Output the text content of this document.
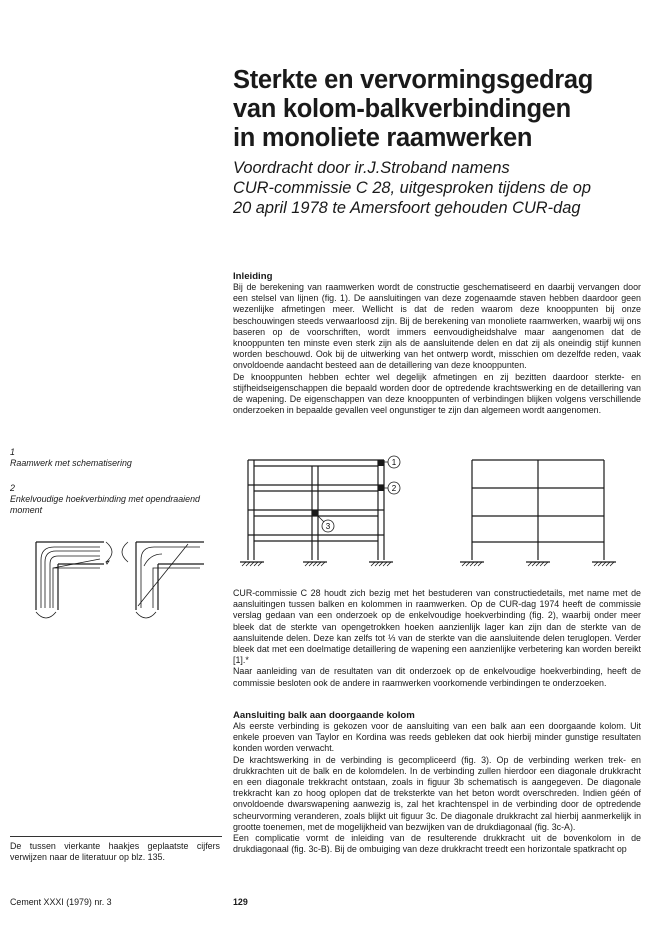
Sterkte en vervormingsgedrag
van kolom-balkverbindingen
in monoliete raamwerken
Voordracht door ir.J.Stroband namens
CUR-commissie C 28, uitgesproken tijdens de op
20 april 1978 te Amersfoort gehouden CUR-dag
Inleiding

Bij de berekening van raamwerken wordt de constructie geschematiseerd en daarbij vervangen door een stelsel van lijnen (fig. 1). De aansluitingen van deze zogenaamde staven hebben daardoor geen wezenlijke afmetingen meer. Wellicht is dat de reden waarom deze knooppunten bij onze beschouwingen steeds verwaarloosd zijn. Bij de berekening van monoliete raamwerken, waarbij wij ons baseren op de voorschriften, wordt immers eenvoudigheidshalve maar aangenomen dat de knooppunten ten minste even sterk zijn als de aansluitende delen en dat zij als oneindig stijf kunnen worden beschouwd. Ook bij de uitwerking van het ontwerp wordt, misschien om dezelfde reden, vaak onvoldoende aandacht besteed aan de detaillering van deze knooppunten.

De knooppunten hebben echter wel degelijk afmetingen en zij bezitten daardoor sterkte- en stijfheidseigenschappen die bepaald worden door de optredende krachtswerking en de detaillering van de wapening. De eigenschappen van deze knooppunten of verbindingen blijken volgens verschillende onderzoeken in bepaalde gevallen veel ongunstiger te zijn dan algemeen wordt aangenomen.

1
Raamwerk met schematisering
2
Enkelvoudige hoekverbinding met opendraaiend moment
1
2
3

CUR-commissie C 28 houdt zich bezig met het bestuderen van constructiedetails, met name met de aansluitingen tussen balken en kolommen in raamwerken. Op de CUR-dag 1974 heeft de commissie verslag gedaan van een onderzoek op de enkelvoudige hoekverbinding (fig. 2), waarbij onder meer bleek dat de sterkte van opengetrokken hoeken aanzienlijk lager kan zijn dan de sterkte van de aansluitende delen. Deze kan zelfs tot ⅓ van de sterkte van die aansluitende delen teruglopen. Verder bleek dat met een doelmatige detaillering de wapening een aanzienlijke verbetering kan worden bereikt [1].*

Naar aanleiding van de resultaten van dit onderzoek op de enkelvoudige hoekverbinding, heeft de commissie besloten ook de andere in raamwerken voorkomende verbindingen te onderzoeken.

Aansluiting balk aan doorgaande kolom

Als eerste verbinding is gekozen voor de aansluiting van een balk aan een doorgaande kolom. Uit enkele proeven van Taylor en Kordina was reeds gebleken dat ook hierbij minder gunstige resultaten konden worden verwacht.

De krachtswerking in de verbinding is gecompliceerd (fig. 3). Op de verbinding werken trek- en drukkrachten uit de balk en de kolomdelen. In de verbinding zullen hierdoor een diagonale drukkracht en een diagonale trekkracht ontstaan, zoals in figuur 3b schematisch is aangegeven. De diagonale trekkracht kan zo hoog oplopen dat de treksterkte van het beton wordt overschreden. Indien géén of onvoldoende dwarswapening aanwezig is, zal het krachtenspel in de verbinding door de optredende scheurvorming veranderen, zoals blijkt uit figuur 3c. De diagonale drukkracht zal hierbij aanmerkelijk in grootte toenemen, met de mogelijkheid van bezwijken van de drukdiagonaal (fig. 3c-A).

Een complicatie vormt de inleiding van de resulterende drukkracht uit de bovenkolom in de drukdiagonaal (fig. 3c-B). Bij de ombuiging van deze drukkracht treedt een horizontale spatkracht op

De tussen vierkante haakjes geplaatste cijfers verwijzen naar de literatuur op blz. 135.
Cement XXXI (1979) nr. 3	129
